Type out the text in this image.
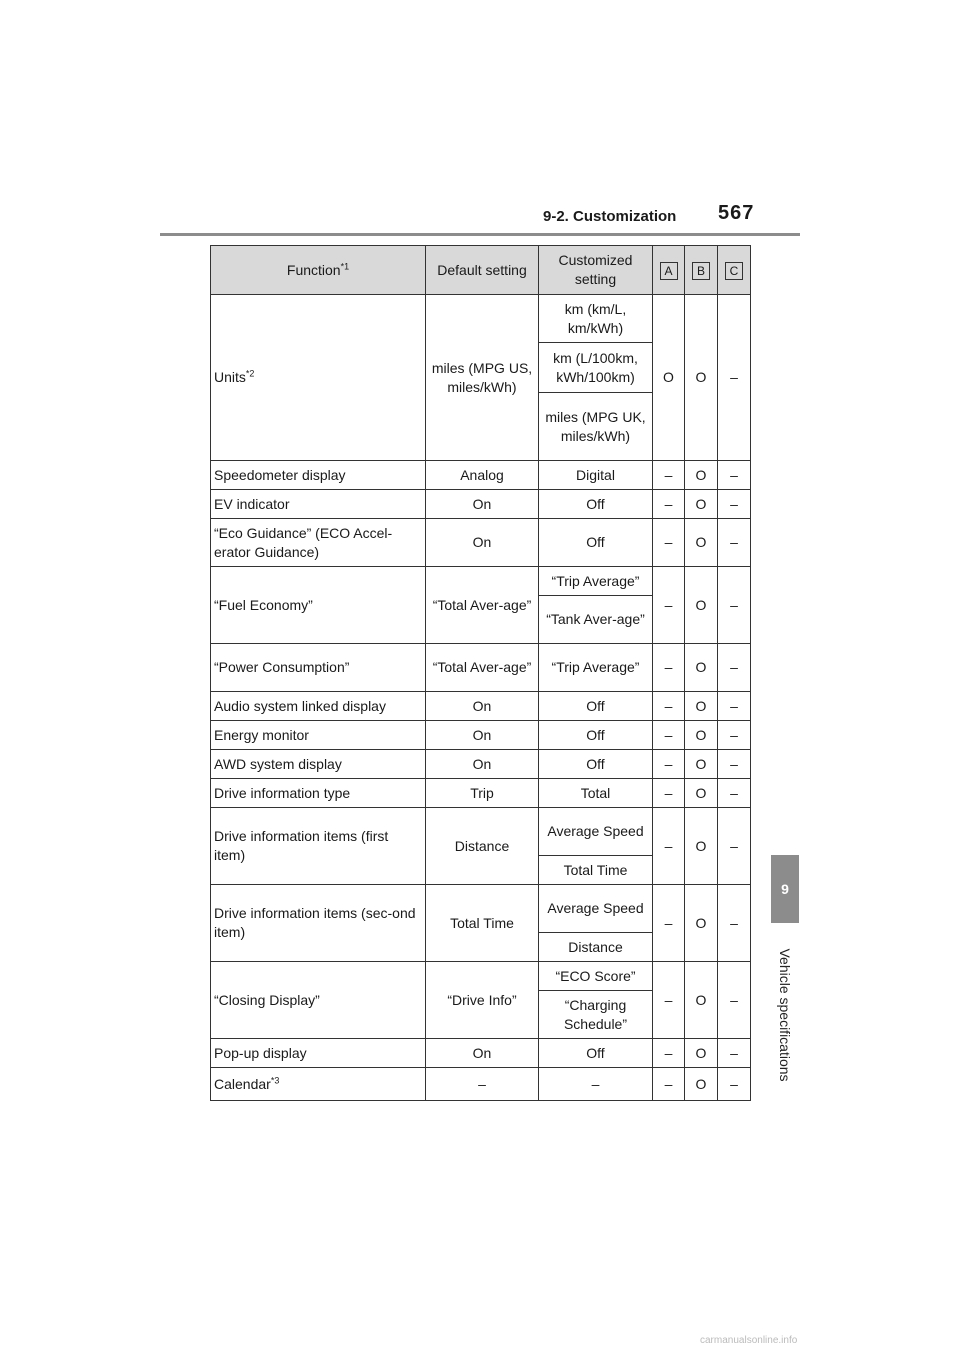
9-2. Customization 567
9
Vehicle specifications
Function$^{*1}$	Default setting	Customized setting	A	B	C
Units$^{*2}$	miles (MPG US, miles/kWh)	km (km/L, km/kWh)	O	O	–
		km (L/100km, kWh/100km)			
		miles (MPG UK, miles/kWh)			
Speedometer display	Analog	Digital	–	O	–
EV indicator	On	Off	–	O	–
“Eco Guidance” (ECO Accel-erator Guidance)	On	Off	–	O	–
“Fuel Economy”	“Total Aver-age”	“Trip Average”	–	O	–
		“Tank Aver-age”			
“Power Consumption”	“Total Aver-age”	“Trip Average”	–	O	–
Audio system linked display	On	Off	–	O	–
Energy monitor	On	Off	–	O	–
AWD system display	On	Off	–	O	–
Drive information type	Trip	Total	–	O	–
Drive information items (first item)	Distance	Average Speed	–	O	–
		Total Time			
Drive information items (sec-ond item)	Total Time	Average Speed	–	O	–
		Distance			
“Closing Display”	“Drive Info”	“ECO Score”	–	O	–
		“Charging Schedule”			
Pop-up display	On	Off	–	O	–
Calendar$^{*3}$	–	–	–	O	–
carmanualsonline.info
